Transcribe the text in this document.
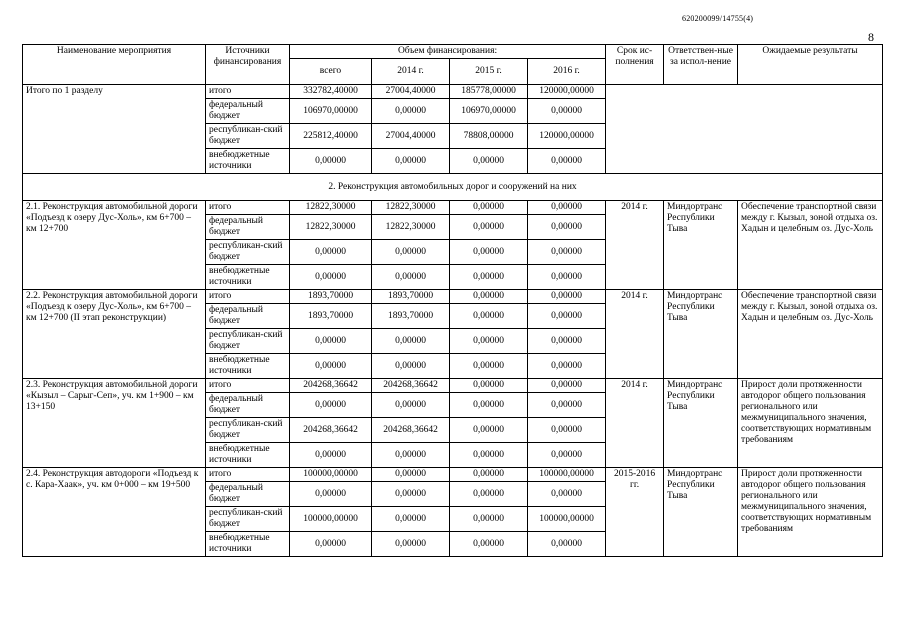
620200099/14755(4)
8
Наименование мероприятия	Источники финансирования	Объем финансирования:				Срок ис-полнения	Ответствен-ные за испол-нение	Ожидаемые результаты
		всего	2014 г.	2015 г.	2016 г.			
Итого по 1 разделу	итого	332782,40000	27004,40000	185778,00000	120000,00000			
	федеральный бюджет	106970,00000	0,00000	106970,00000	0,00000			
	республикан-ский бюджет	225812,40000	27004,40000	78808,00000	120000,00000			
	внебюджетные источники	0,00000	0,00000	0,00000	0,00000			
2. Реконструкция автомобильных дорог и сооружений на них								
2.1. Реконструкция автомобильной дороги «Подъезд к озеру Дус-Холь», км 6+700 – км 12+700	итого	12822,30000	12822,30000	0,00000	0,00000	2014 г.	Миндортранс Республики Тыва	Обеспечение транспортной связи между г. Кызыл, зоной отдыха оз. Хадын и целебным оз. Дус-Холь
	федеральный бюджет	12822,30000	12822,30000	0,00000	0,00000			
	республикан-ский бюджет	0,00000	0,00000	0,00000	0,00000			
	внебюджетные источники	0,00000	0,00000	0,00000	0,00000			
2.2. Реконструкция автомобильной дороги «Подъезд к озеру Дус-Холь», км 6+700 – км 12+700 (II этап реконструкции)	итого	1893,70000	1893,70000	0,00000	0,00000	2014 г.	Миндортранс Республики Тыва	Обеспечение транспортной связи между г. Кызыл, зоной отдыха оз. Хадын и целебным оз. Дус-Холь
	федеральный бюджет	1893,70000	1893,70000	0,00000	0,00000			
	республикан-ский бюджет	0,00000	0,00000	0,00000	0,00000			
	внебюджетные источники	0,00000	0,00000	0,00000	0,00000			
2.3. Реконструкция автомобильной дороги «Кызыл – Сарыг-Сеп», уч. км 1+900 – км 13+150	итого	204268,36642	204268,36642	0,00000	0,00000	2014 г.	Миндортранс Республики Тыва	Прирост доли протяженности автодорог общего пользования регионального или межмуниципального значения, соответствующих нормативным требованиям
	федеральный бюджет	0,00000	0,00000	0,00000	0,00000			
	республикан-ский бюджет	204268,36642	204268,36642	0,00000	0,00000			
	внебюджетные источники	0,00000	0,00000	0,00000	0,00000			
2.4. Реконструкция автодороги «Подъезд к с. Кара-Хаак», уч. км 0+000 – км 19+500	итого	100000,00000	0,00000	0,00000	100000,00000	2015-2016 гг.	Миндортранс Республики Тыва	Прирост доли протяженности автодорог общего пользования регионального или межмуниципального значения, соответствующих нормативным требованиям
	федеральный бюджет	0,00000	0,00000	0,00000	0,00000			
	республикан-ский бюджет	100000,00000	0,00000	0,00000	100000,00000			
	внебюджетные источники	0,00000	0,00000	0,00000	0,00000			
